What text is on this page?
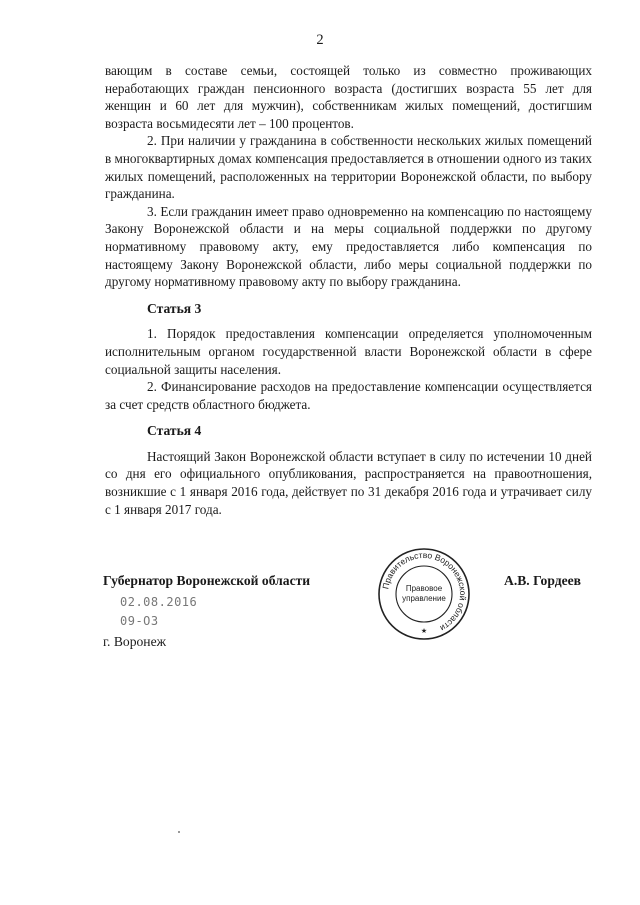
2

вающим в составе семьи, состоящей только из совместно проживающих неработающих граждан пенсионного возраста (достигших возраста 55 лет для женщин и 60 лет для мужчин), собственникам жилых помещений, достигшим возраста восьмидесяти лет – 100 процентов.

2. При наличии у гражданина в собственности нескольких жилых помещений в многоквартирных домах компенсация предоставляется в отношении одного из таких жилых помещений, расположенных на территории Воронежской области, по выбору гражданина.

3. Если гражданин имеет право одновременно на компенсацию по настоящему Закону Воронежской области и на меры социальной поддержки по другому нормативному правовому акту, ему предоставляется либо компенсация по настоящему Закону Воронежской области, либо меры социальной поддержки по другому нормативному правовому акту по выбору гражданина.

Статья 3

1. Порядок предоставления компенсации определяется уполномоченным исполнительным органом государственной власти Воронежской области в сфере социальной защиты населения.

2. Финансирование расходов на предоставление компенсации осуществляется за счет средств областного бюджета.

Статья 4

Настоящий Закон Воронежской области вступает в силу по истечении 10 дней со дня его официального опубликования, распространяется на правоотношения, возникшие с 1 января 2016 года, действует по 31 декабря 2016 года и утрачивает силу с 1 января 2017 года.

Губернатор Воронежской области	А.В. Гордеев
02.08.2016
09-ОЗ
г. Воронеж
Правительство Воронежской области
Правовое
управление
★
